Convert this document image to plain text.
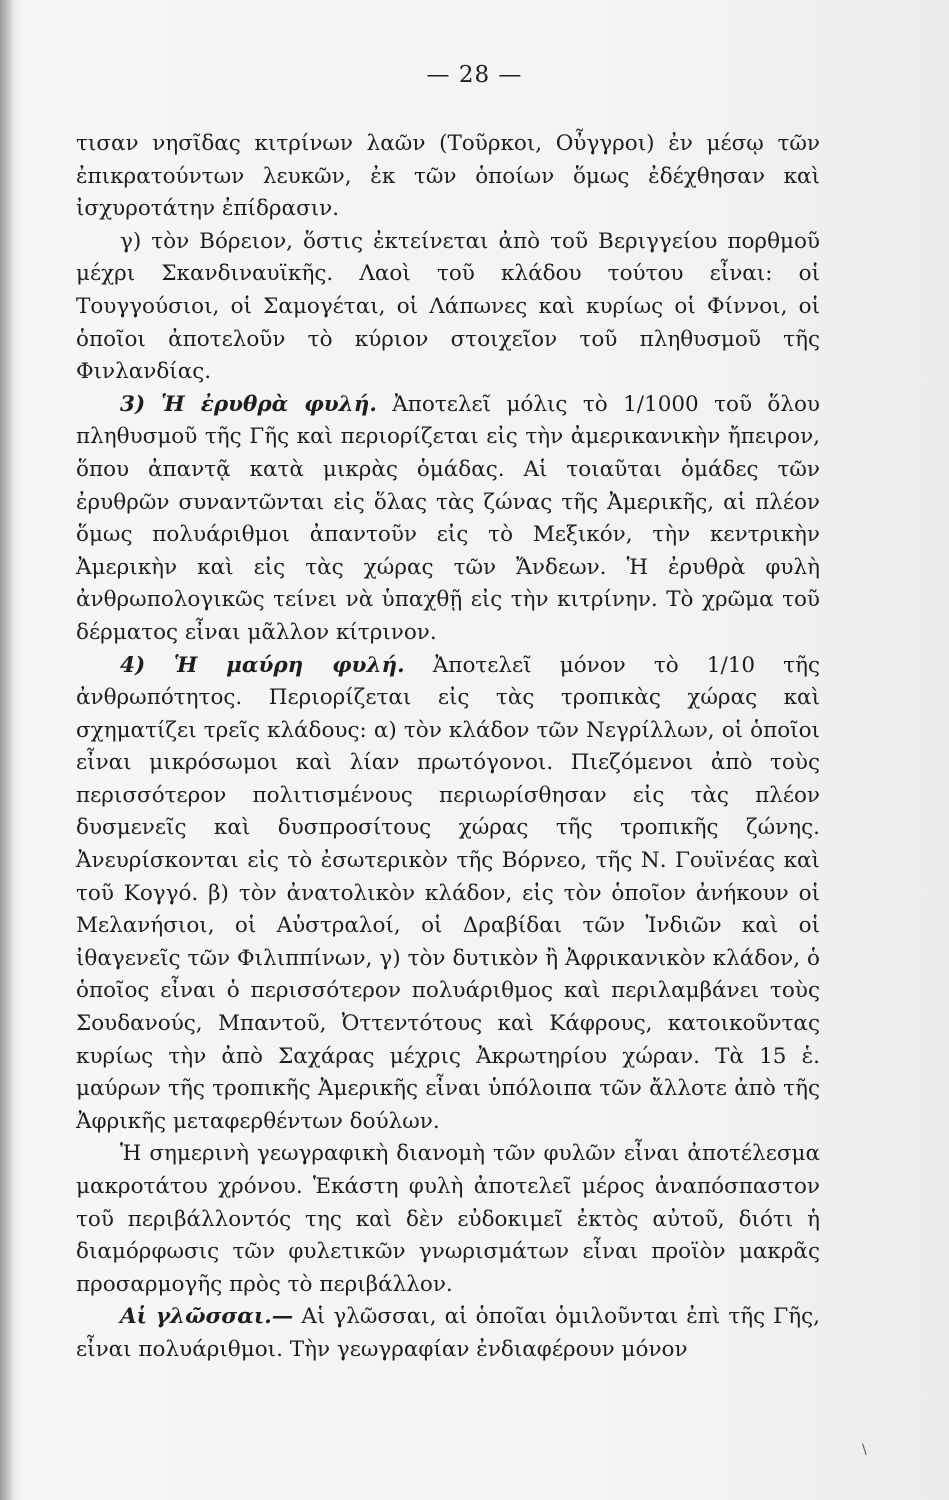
— 28 —

τισαν νησῖδας κιτρίνων λαῶν (Τοῦρκοι, Οὖγγροι) ἐν μέσῳ τῶν ἐπικρατούντων λευκῶν, ἐκ τῶν ὁποίων ὅμως ἐδέχθησαν καὶ ἰσχυροτάτην ἐπίδρασιν.

γ) τὸν Βόρειον, ὅστις ἐκτείνεται ἀπὸ τοῦ Βεριγγείου πορθμοῦ μέχρι Σκανδιναυϊκῆς. Λαοὶ τοῦ κλάδου τούτου εἶναι: οἱ Τουγγούσιοι, οἱ Σαμογέται, οἱ Λάπωνες καὶ κυρίως οἱ Φίννοι, οἱ ὁποῖοι ἀποτελοῦν τὸ κύριον στοιχεῖον τοῦ πληθυσμοῦ τῆς Φινλανδίας.

3) Ἡ ἐρυθρὰ φυλή. Ἀποτελεῖ μόλις τὸ 1/1000 τοῦ ὅλου πληθυσμοῦ τῆς Γῆς καὶ περιορίζεται εἰς τὴν ἀμερικανικὴν ἤπειρον, ὅπου ἀπαντᾷ κατὰ μικρὰς ὁμάδας. Αἱ τοιαῦται ὁμάδες τῶν ἐρυθρῶν συναντῶνται εἰς ὅλας τὰς ζώνας τῆς Ἀμερικῆς, αἱ πλέον ὅμως πολυάριθμοι ἀπαντοῦν εἰς τὸ Μεξικόν, τὴν κεντρικὴν Ἀμερικὴν καὶ εἰς τὰς χώρας τῶν Ἄνδεων. Ἡ ἐρυθρὰ φυλὴ ἀνθρωπολογικῶς τείνει νὰ ὑπαχθῇ εἰς τὴν κιτρίνην. Τὸ χρῶμα τοῦ δέρματος εἶναι μᾶλλον κίτρινον.

4) Ἡ μαύρη φυλή. Ἀποτελεῖ μόνον τὸ 1/10 τῆς ἀνθρωπότητος. Περιορίζεται εἰς τὰς τροπικὰς χώρας καὶ σχηματίζει τρεῖς κλάδους: α) τὸν κλάδον τῶν Νεγρίλλων, οἱ ὁποῖοι εἶναι μικρόσωμοι καὶ λίαν πρωτόγονοι. Πιεζόμενοι ἀπὸ τοὺς περισσότερον πολιτισμένους περιωρίσθησαν εἰς τὰς πλέον δυσμενεῖς καὶ δυσπροσίτους χώρας τῆς τροπικῆς ζώνης. Ἀνευρίσκονται εἰς τὸ ἐσωτερικὸν τῆς Βόρνεο, τῆς Ν. Γουϊνέας καὶ τοῦ Κογγό. β) τὸν ἀνατολικὸν κλάδον, εἰς τὸν ὁποῖον ἀνήκουν οἱ Μελανήσιοι, οἱ Αὐστραλοί, οἱ Δραβίδαι τῶν Ἰνδιῶν καὶ οἱ ἰθαγενεῖς τῶν Φιλιππίνων, γ) τὸν δυτικὸν ἢ Ἀφρικανικὸν κλάδον, ὁ ὁποῖος εἶναι ὁ περισσότερον πολυάριθμος καὶ περιλαμβάνει τοὺς Σουδανούς, Μπαντοῦ, Ὀττεντότους καὶ Κάφρους, κατοικοῦντας κυρίως τὴν ἀπὸ Σαχάρας μέχρις Ἀκρωτηρίου χώραν. Τὰ 15 ἑ. μαύρων τῆς τροπικῆς Ἀμερικῆς εἶναι ὑπόλοιπα τῶν ἄλλοτε ἀπὸ τῆς Ἀφρικῆς μεταφερθέντων δούλων.

Ἡ σημερινὴ γεωγραφικὴ διανομὴ τῶν φυλῶν εἶναι ἀποτέλεσμα μακροτάτου χρόνου. Ἑκάστη φυλὴ ἀποτελεῖ μέρος ἀναπόσπαστον τοῦ περιβάλλοντός της καὶ δὲν εὐδοκιμεῖ ἐκτὸς αὐτοῦ, διότι ἡ διαμόρφωσις τῶν φυλετικῶν γνωρισμάτων εἶναι προϊὸν μακρᾶς προσαρμογῆς πρὸς τὸ περιβάλλον.

Αἱ γλῶσσαι.— Αἱ γλῶσσαι, αἱ ὁποῖαι ὁμιλοῦνται ἐπὶ τῆς Γῆς, εἶναι πολυάριθμοι. Τὴν γεωγραφίαν ἐνδιαφέρουν μόνον

\
